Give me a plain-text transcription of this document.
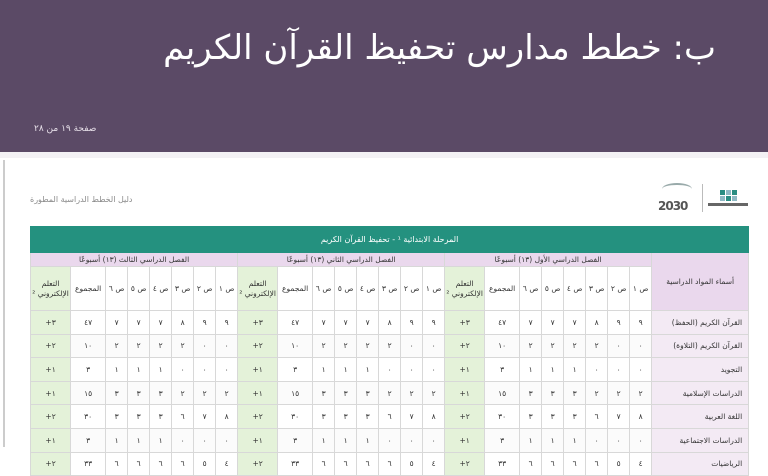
ب: خطط مدارس تحفيظ القرآن الكريم
صفحة ١٩ من ٢٨
دليل الخطط الدراسية المطورة	2030
المرحلة الابتدائية ¹ - تحفيظ القرآن الكريم																								
أسماء المواد الدراسية	الفصل الدراسي الأول (١٣) أسبوعًا								الفصل الدراسي الثاني (١٣) أسبوعًا								الفصل الدراسي الثالث (١٣) أسبوعًا							
	ص ١	ص ٢	ص ٣	ص ٤	ص ٥	ص ٦	المجموع	التعلم الإلكتروني ²	ص ١	ص ٢	ص ٣	ص ٤	ص ٥	ص ٦	المجموع	التعلم الإلكتروني ²	ص ١	ص ٢	ص ٣	ص ٤	ص ٥	ص ٦	المجموع	التعلم الإلكتروني ²
القرآن الكريم (الحفظ)	٩	٩	٨	٧	٧	٧	٤٧	٣+	٩	٩	٨	٧	٧	٧	٤٧	٣+	٩	٩	٨	٧	٧	٧	٤٧	٣+
القرآن الكريم (التلاوة)	٠	٠	٢	٢	٢	٢	١٠	٢+	٠	٠	٢	٢	٢	٢	١٠	٢+	٠	٠	٢	٢	٢	٢	١٠	٢+
التجويد	٠	٠	٠	١	١	١	٣	١+	٠	٠	٠	١	١	١	٣	١+	٠	٠	٠	١	١	١	٣	١+
الدراسات الإسلامية	٢	٢	٢	٣	٣	٣	١٥	١+	٢	٢	٢	٣	٣	٣	١٥	١+	٢	٢	٢	٣	٣	٣	١٥	١+
اللغة العربية	٨	٧	٦	٣	٣	٣	٣٠	٢+	٨	٧	٦	٣	٣	٣	٣٠	٢+	٨	٧	٦	٣	٣	٣	٣٠	٢+
الدراسات الاجتماعية	٠	٠	٠	١	١	١	٣	١+	٠	٠	٠	١	١	١	٣	١+	٠	٠	٠	١	١	١	٣	١+
الرياضيات	٤	٥	٦	٦	٦	٦	٣٣	٢+	٤	٥	٦	٦	٦	٦	٣٣	٢+	٤	٥	٦	٦	٦	٦	٣٣	٢+
